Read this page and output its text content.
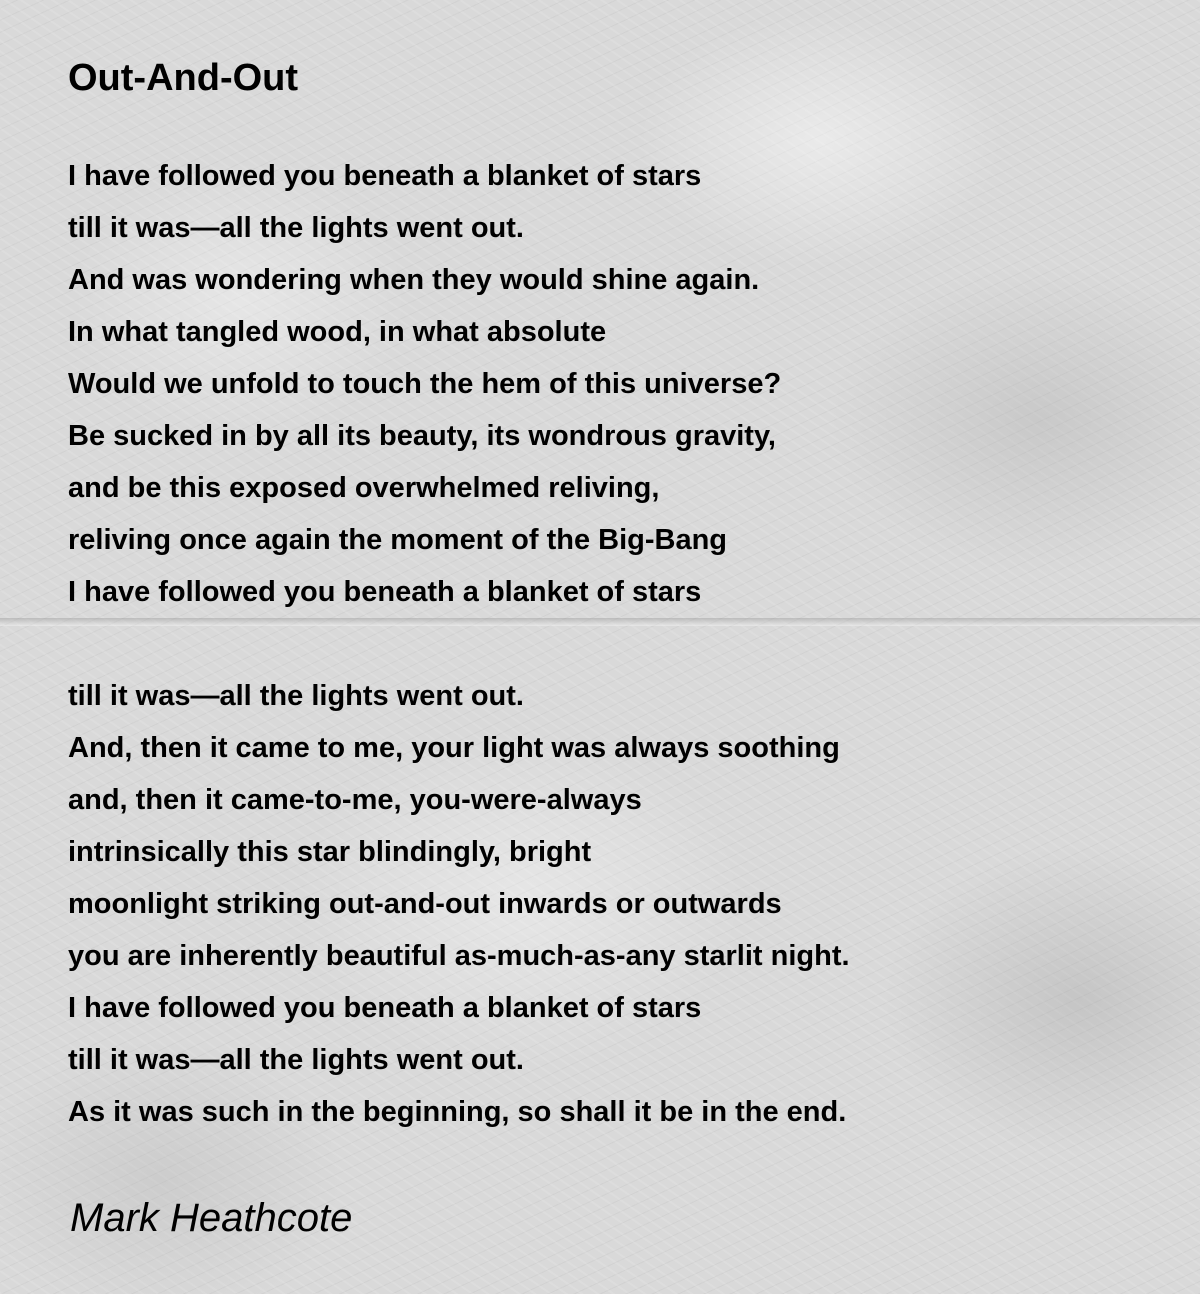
Out-And-Out
I have followed you beneath a blanket of stars
till it was—all the lights went out.
And was wondering when they would shine again.
In what tangled wood, in what absolute
Would we unfold to touch the hem of this universe?
Be sucked in by all its beauty, its wondrous gravity,
and be this exposed overwhelmed reliving,
reliving once again the moment of the Big-Bang
I have followed you beneath a blanket of stars
till it was—all the lights went out.
And, then it came to me, your light was always soothing
and, then it came-to-me, you-were-always
intrinsically this star blindingly, bright
moonlight striking out-and-out inwards or outwards
you are inherently beautiful as-much-as-any starlit night.
I have followed you beneath a blanket of stars
till it was—all the lights went out.
As it was such in the beginning, so shall it be in the end.

Mark Heathcote
